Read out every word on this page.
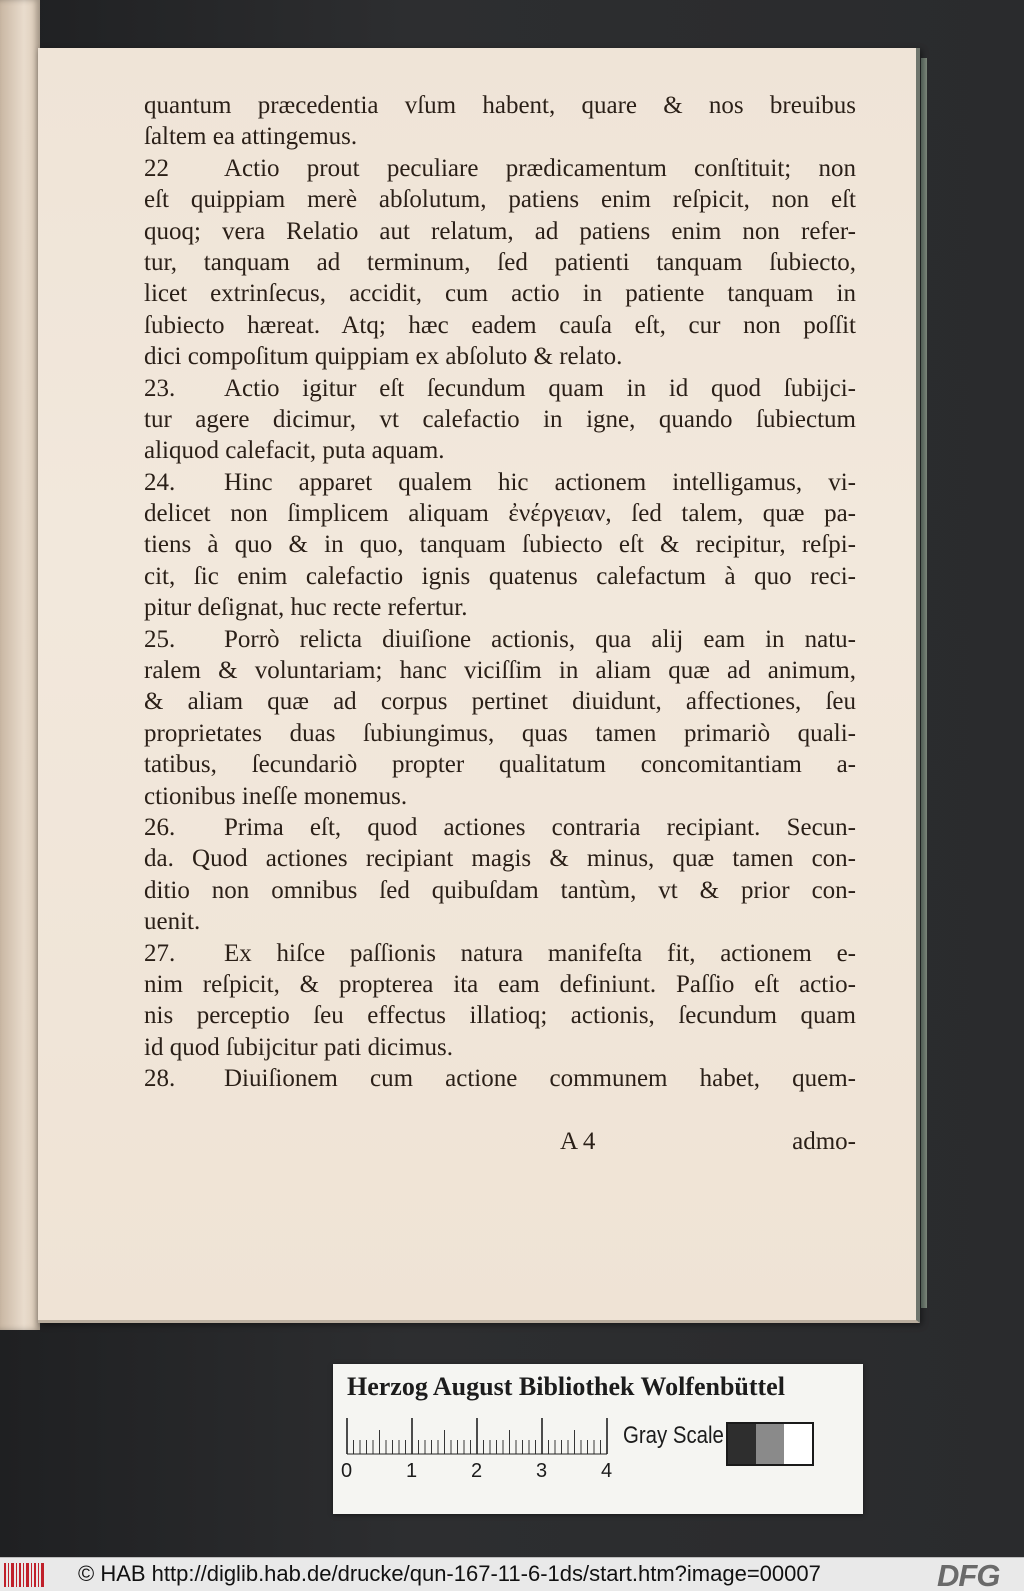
quantum præcedentia vſum habent, quare & nos breuibus
ſaltem ea attingemus.
22	Actio prout peculiare prædicamentum conſtituit; non
eſt quippiam merè abſolutum, patiens enim reſpicit, non eſt
quoq; vera Relatio aut relatum, ad patiens enim non refer-
tur, tanquam ad terminum, ſed patienti tanquam ſubiecto,
licet extrinſecus, accidit, cum actio in patiente tanquam in
ſubiecto hæreat. Atq; hæc eadem cauſa eſt, cur non poſſit
dici compoſitum quippiam ex abſoluto & relato.
23.	Actio igitur eſt ſecundum quam in id quod ſubijci-
tur agere dicimur, vt calefactio in igne, quando ſubiectum
aliquod calefacit, puta aquam.
24.	Hinc apparet qualem hic actionem intelligamus, vi-
delicet non ſimplicem aliquam ἐνέργειαν, ſed talem, quæ pa-
tiens à quo & in quo, tanquam ſubiecto eſt & recipitur, reſpi-
cit, ſic enim calefactio ignis quatenus calefactum à quo reci-
pitur deſignat, huc recte refertur.
25.	Porrò relicta diuiſione actionis, qua alij eam in natu-
ralem & voluntariam; hanc viciſſim in aliam quæ ad animum,
& aliam quæ ad corpus pertinet diuidunt, affectiones, ſeu
proprietates duas ſubiungimus, quas tamen primariò quali-
tatibus, ſecundariò propter qualitatum concomitantiam a-
ctionibus ineſſe monemus.
26.	Prima eſt, quod actiones contraria recipiant. Secun-
da. Quod actiones recipiant magis & minus, quæ tamen con-
ditio non omnibus ſed quibuſdam tantùm, vt & prior con-
uenit.
27.	Ex hiſce paſſionis natura manifeſta fit, actionem e-
nim reſpicit, & propterea ita eam definiunt. Paſſio eſt actio-
nis perceptio ſeu effectus illatioq; actionis, ſecundum quam
id quod ſubijcitur pati dicimus.
28.	Diuiſionem cum actione communem habet, quem-
A 4	admo-
Herzog August Bibliothek Wolfenbüttel
0	1	2	3	4
Gray Scale
© HAB http://diglib.hab.de/drucke/qun-167-11-6-1ds/start.htm?image=00007	DFG
